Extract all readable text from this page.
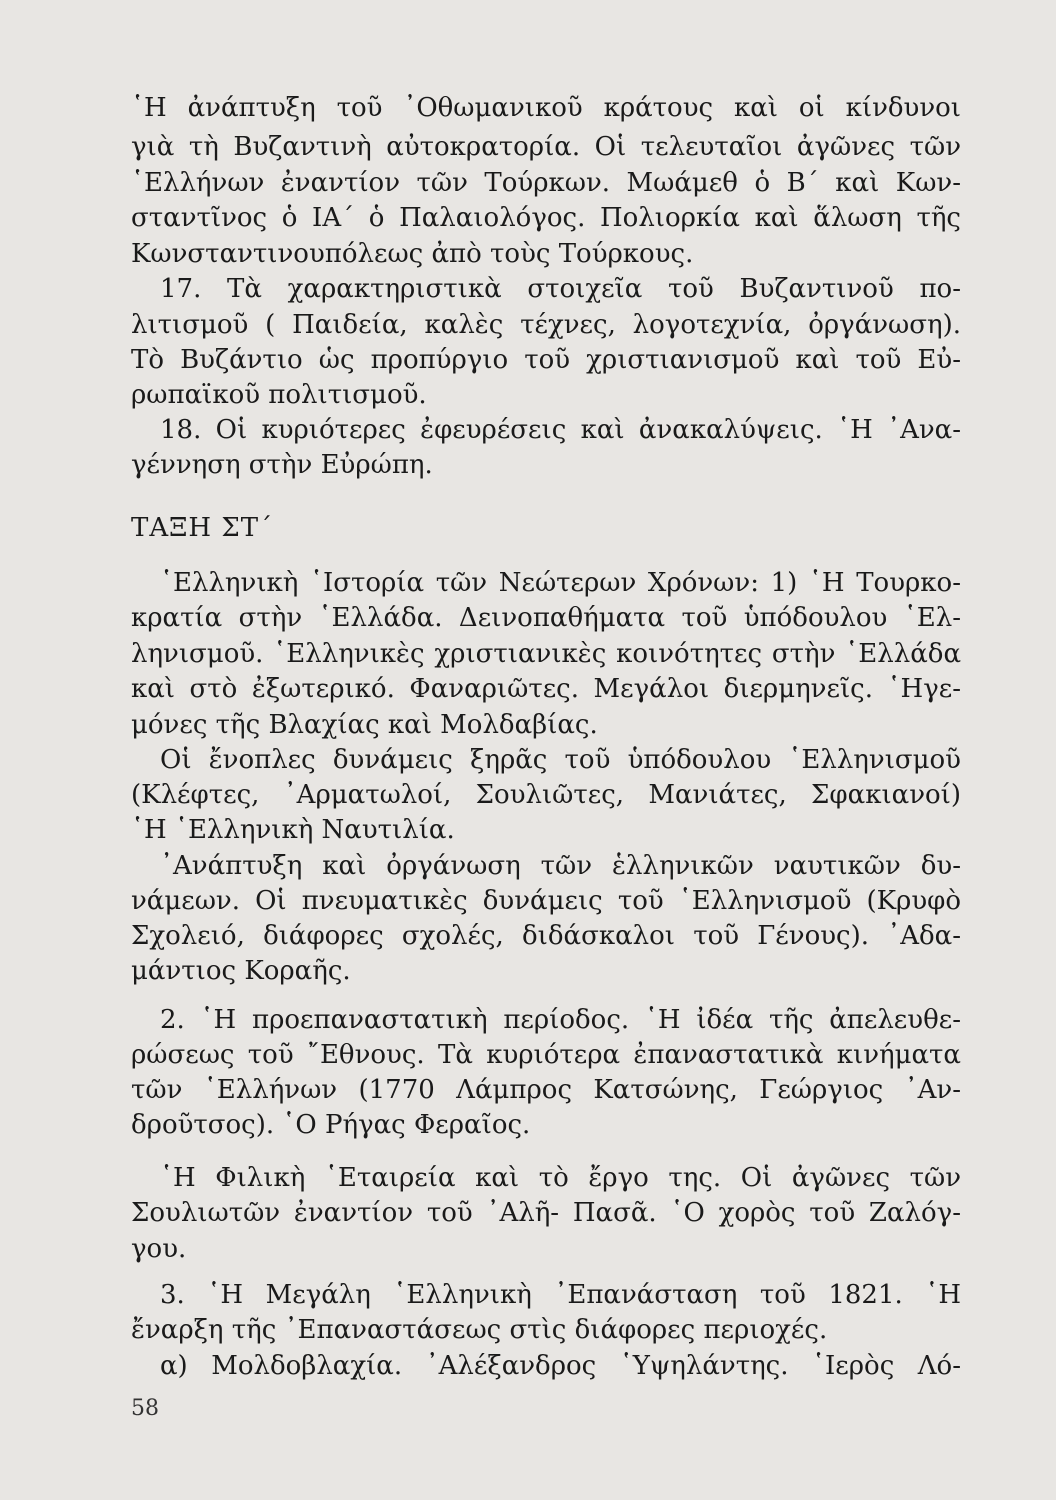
῾Η ἀνάπτυξη τοῦ ᾿Οθωμανικοῦ κράτους καὶ οἱ κίνδυνοι
γιὰ τὴ Βυζαντινὴ αὐτοκρατορία. Οἱ τελευταῖοι ἀγῶνες τῶν
῾Ελλήνων ἐναντίον τῶν Τούρκων. Μωάμεθ ὁ Β΄ καὶ Κων-
σταντῖνος ὁ ΙΑ΄ ὁ Παλαιολόγος. Πολιορκία καὶ ἅλωση τῆς
Κωνσταντινουπόλεως ἀπὸ τοὺς Τούρκους.
17. Τὰ χαρακτηριστικὰ στοιχεῖα τοῦ Βυζαντινοῦ πο-
λιτισμοῦ ( Παιδεία, καλὲς τέχνες, λογοτεχνία, ὀργάνωση).
Τὸ Βυζάντιο ὡς προπύργιο τοῦ χριστιανισμοῦ καὶ τοῦ Εὐ-
ρωπαϊκοῦ πολιτισμοῦ.
18. Οἱ κυριότερες ἐφευρέσεις καὶ ἀνακαλύψεις. ῾Η ᾿Ανα-
γέννηση στὴν Εὐρώπη.
ΤΑΞΗ ΣΤ΄
῾Ελληνικὴ ῾Ιστορία τῶν Νεώτερων Χρόνων: 1) ῾Η Τουρκο-
κρατία στὴν ῾Ελλάδα. Δεινοπαθήματα τοῦ ὑπόδουλου ῾Ελ-
ληνισμοῦ. ῾Ελληνικὲς χριστιανικὲς κοινότητες στὴν ῾Ελλάδα
καὶ στὸ ἐξωτερικό. Φαναριῶτες. Μεγάλοι διερμηνεῖς. ῾Ηγε-
μόνες τῆς Βλαχίας καὶ Μολδαβίας.
Οἱ ἔνοπλες δυνάμεις ξηρᾶς τοῦ ὑπόδουλου ῾Ελληνισμοῦ
(Κλέφτες, ᾿Αρματωλοί, Σουλιῶτες, Μανιάτες, Σφακιανοί)
῾Η ῾Ελληνικὴ Ναυτιλία.
᾿Ανάπτυξη καὶ ὀργάνωση τῶν ἑλληνικῶν ναυτικῶν δυ-
νάμεων. Οἱ πνευματικὲς δυνάμεις τοῦ ῾Ελληνισμοῦ (Κρυφὸ
Σχολειό, διάφορες σχολές, διδάσκαλοι τοῦ Γένους). ᾿Αδα-
μάντιος Κοραῆς.
2. ῾Η προεπαναστατικὴ περίοδος. ῾Η ἰδέα τῆς ἀπελευθε-
ρώσεως τοῦ ῎Εθνους. Τὰ κυριότερα ἐπαναστατικὰ κινήματα
τῶν ῾Ελλήνων (1770 Λάμπρος Κατσώνης, Γεώργιος ᾿Αν-
δροῦτσος). ῾Ο Ρήγας Φεραῖος.
῾Η Φιλικὴ ῾Εταιρεία καὶ τὸ ἔργο της. Οἱ ἀγῶνες τῶν
Σουλιωτῶν ἐναντίον τοῦ ᾿Αλῆ- Πασᾶ. ῾Ο χορὸς τοῦ Ζαλόγ-
γου.
3. ῾Η Μεγάλη ῾Ελληνικὴ ᾿Επανάσταση τοῦ 1821. ῾Η
ἔναρξη τῆς ᾿Επαναστάσεως στὶς διάφορες περιοχές.
α) Μολδοβλαχία. ᾿Αλέξανδρος ῾Υψηλάντης. ῾Ιερὸς Λό-
58
